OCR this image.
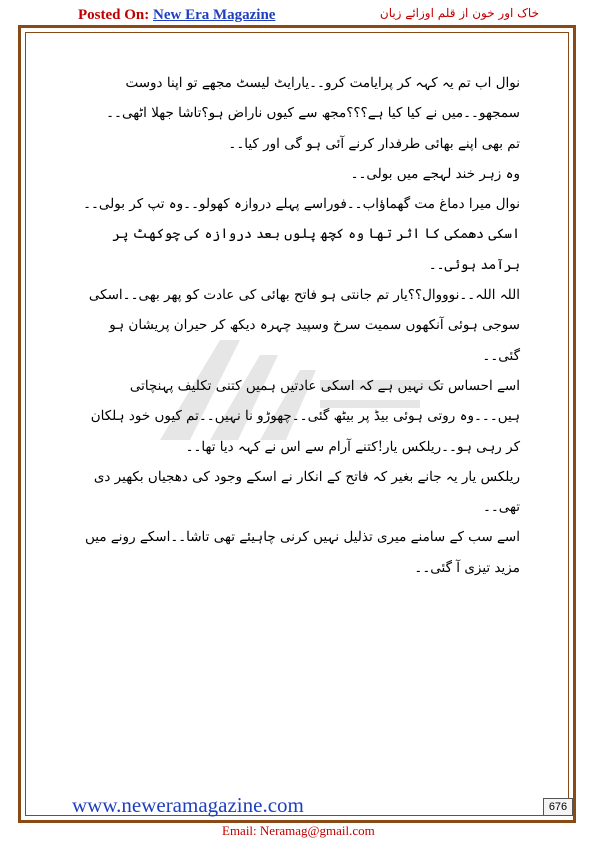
Posted On: New Era Magazine	خاک اور خون از قلم اوزائے زبان

نوال اب تم یہ کہہ کر پرایامت کرو۔۔یارایٹ لیسٹ مجھے تو اپنا دوست سمجھو۔۔میں نے کیا کیا ہے؟؟؟مجھ سے کیوں ناراض ہو؟تاشا جھلا اٹھی۔۔

تم بھی اپنے بھائی طرفدار کرنے آئی ہو گی اور کیا۔۔

وہ زہر خند لہجے میں بولی۔۔

نوال میرا دماغ مت گھماؤاب۔۔فوراسے پہلے دروازہ کھولو۔۔وہ تپ کر بولی۔۔

اسکی دھمکی کا اثر تھا وہ کچھ پلوں بعد دروازہ کی چوکھٹ پر برآمد ہوئی۔۔

اللہ اللہ۔۔نوووال؟؟یار تم جانتی ہو فاتح بھائی کی عادت کو پھر بھی۔۔اسکی سوجی ہوئی آنکھوں سمیت سرخ وسپید چہرہ دیکھ کر حیران پریشان ہو گئی۔۔

اسے احساس تک نہیں ہے کہ اسکی عادتیں ہمیں کتنی تکلیف پہنچاتی ہیں۔۔۔وہ روتی ہوئی بیڈ پر بیٹھ گئی۔۔چھوڑو نا نہیں۔۔تم کیوں خود ہلکان کر رہی ہو۔۔ریلکس یار!کتنے آرام سے اس نے کہہ دیا تھا۔۔

ریلکس یار یہ جانے بغیر کہ فاتح کے انکار نے اسکے وجود کی دھجیاں بکھیر دی تھی۔۔

اسے سب کے سامنے میری تذلیل نہیں کرنی چاہیئے تھی تاشا۔۔اسکے رونے میں مزید تیزی آ گئی۔۔

www.neweramagazine.com	676
Email: Neramag@gmail.com
